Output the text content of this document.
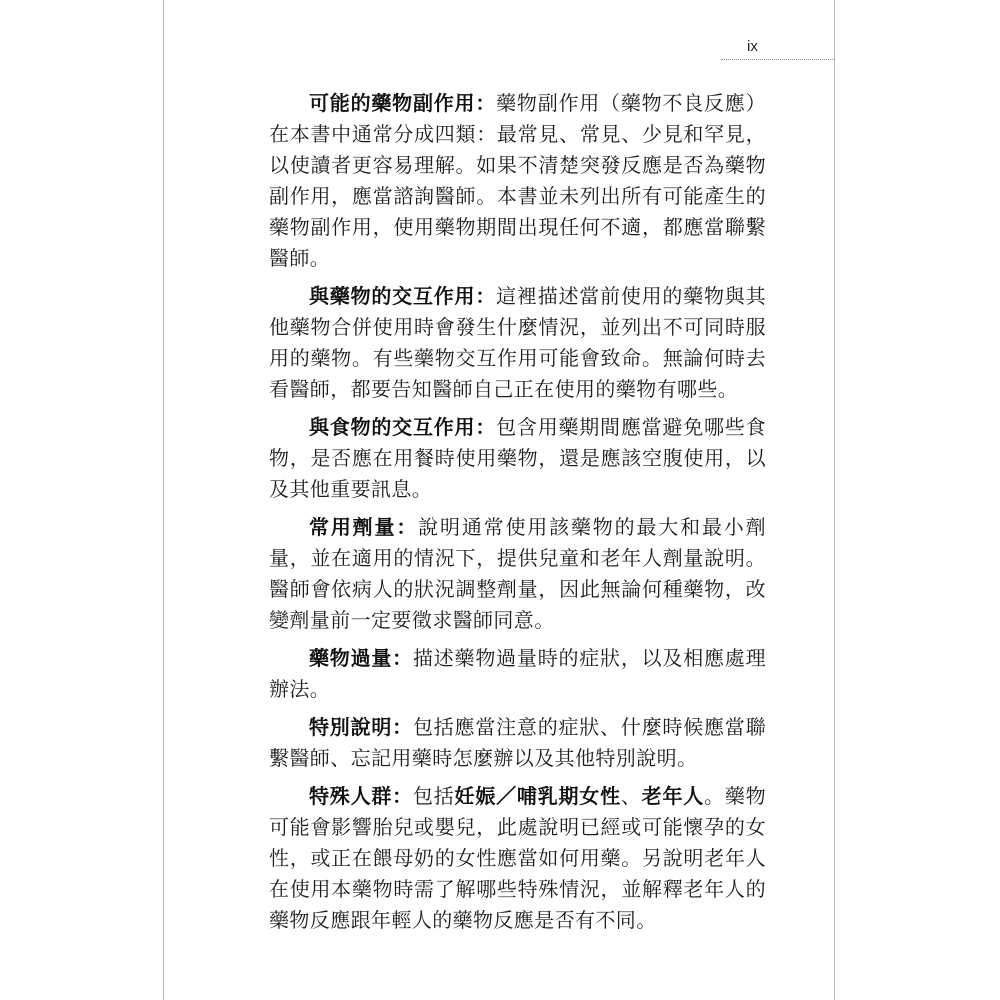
ix

可能的藥物副作用：藥物副作用（藥物不良反應）在本書中通常分成四類：最常見、常見、少見和罕見，以使讀者更容易理解。如果不清楚突發反應是否為藥物副作用，應當諮詢醫師。本書並未列出所有可能產生的藥物副作用，使用藥物期間出現任何不適，都應當聯繫醫師。

與藥物的交互作用：這裡描述當前使用的藥物與其他藥物合併使用時會發生什麼情況，並列出不可同時服用的藥物。有些藥物交互作用可能會致命。無論何時去看醫師，都要告知醫師自己正在使用的藥物有哪些。

與食物的交互作用：包含用藥期間應當避免哪些食物，是否應在用餐時使用藥物，還是應該空腹使用，以及其他重要訊息。

常用劑量：說明通常使用該藥物的最大和最小劑量，並在適用的情況下，提供兒童和老年人劑量說明。醫師會依病人的狀況調整劑量，因此無論何種藥物，改變劑量前一定要徵求醫師同意。

藥物過量：描述藥物過量時的症狀，以及相應處理辦法。

特別說明：包括應當注意的症狀、什麼時候應當聯繫醫師、忘記用藥時怎麼辦以及其他特別說明。

特殊人群：包括妊娠／哺乳期女性、老年人。藥物可能會影響胎兒或嬰兒，此處說明已經或可能懷孕的女性，或正在餵母奶的女性應當如何用藥。另說明老年人在使用本藥物時需了解哪些特殊情況，並解釋老年人的藥物反應跟年輕人的藥物反應是否有不同。
